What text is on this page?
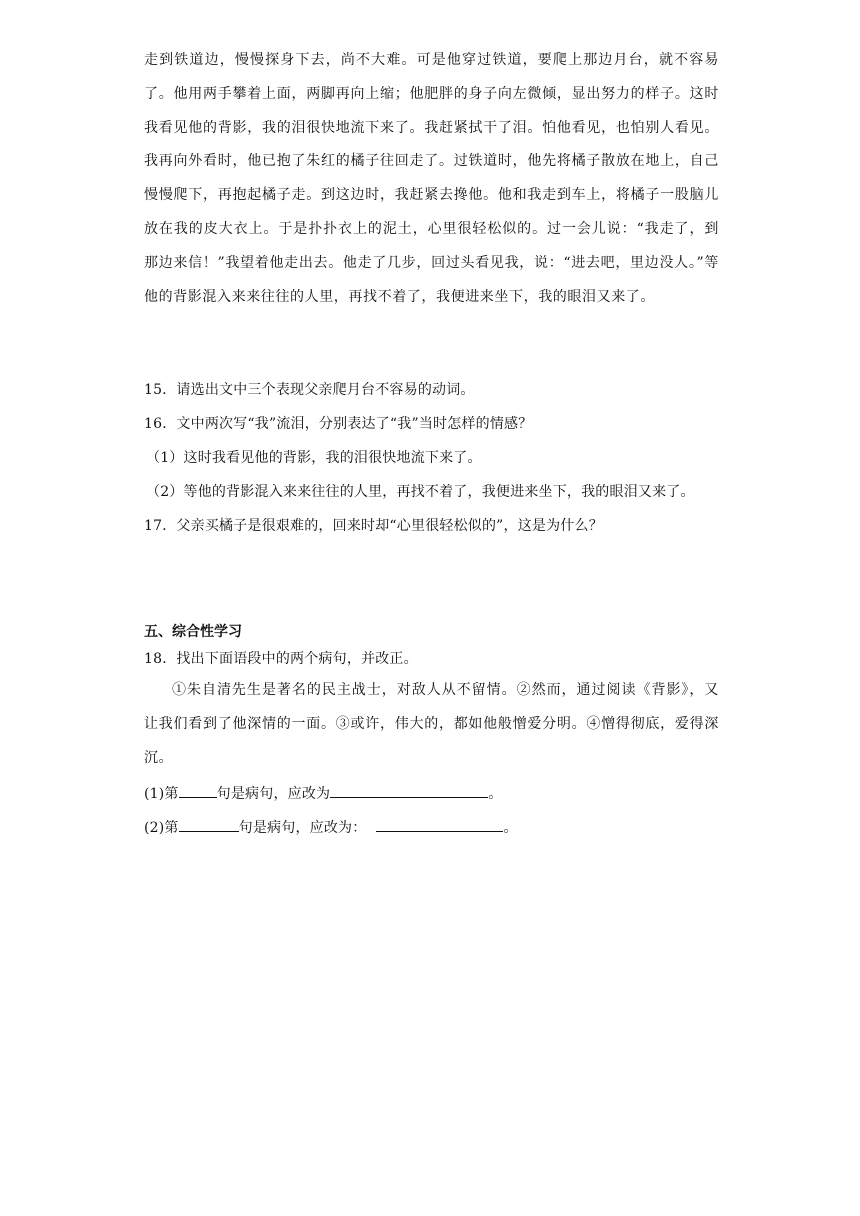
走到铁道边，慢慢探身下去，尚不大难。可是他穿过铁道，要爬上那边月台，就不容易了。他用两手攀着上面，两脚再向上缩；他肥胖的身子向左微倾，显出努力的样子。这时我看见他的背影，我的泪很快地流下来了。我赶紧拭干了泪。怕他看见，也怕别人看见。我再向外看时，他已抱了朱红的橘子往回走了。过铁道时，他先将橘子散放在地上，自己慢慢爬下，再抱起橘子走。到这边时，我赶紧去搀他。他和我走到车上，将橘子一股脑儿放在我的皮大衣上。于是扑扑衣上的泥土，心里很轻松似的。过一会儿说：“我走了，到那边来信！”我望着他走出去。他走了几步，回过头看见我，说：“进去吧，里边没人。”等他的背影混入来来往往的人里，再找不着了，我便进来坐下，我的眼泪又来了。
15．请选出文中三个表现父亲爬月台不容易的动词。
16．文中两次写“我”流泪，分别表达了“我”当时怎样的情感？
（1）这时我看见他的背影，我的泪很快地流下来了。
（2）等他的背影混入来来往往的人里，再找不着了，我便进来坐下，我的眼泪又来了。
17．父亲买橘子是很艰难的，回来时却“心里很轻松似的”，这是为什么？
五、综合性学习
18．找出下面语段中的两个病句，并改正。
①朱自清先生是著名的民主战士，对敌人从不留情。②然而，通过阅读《背影》，又让我们看到了他深情的一面。③或许，伟大的，都如他般憎爱分明。④憎得彻底，爱得深沉。
(1)第	句是病句，应改为	。
(2)第	句是病句，应改为：	。
